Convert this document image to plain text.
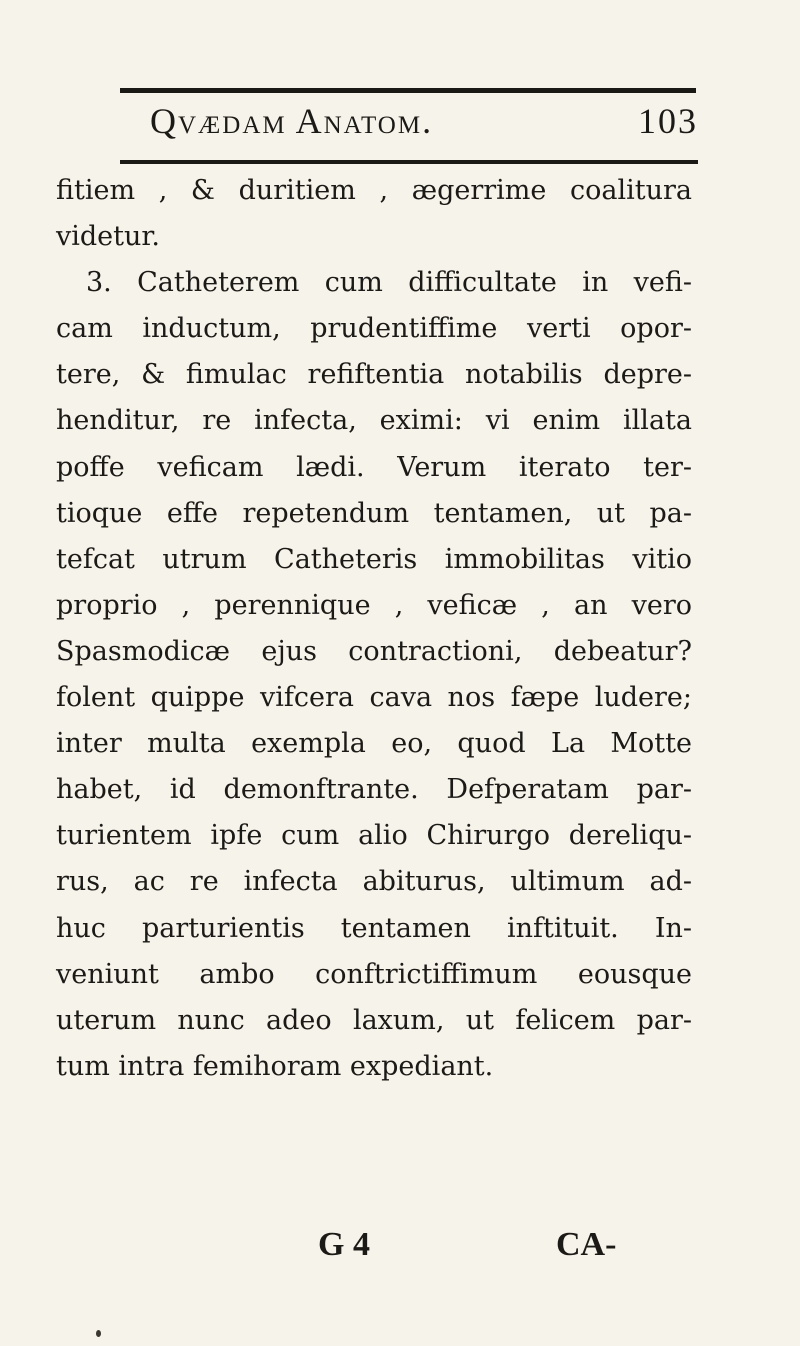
Qvædam Anatom.	103
fitiem , & duritiem , ægerrime coalitura
videtur.
3. Catheterem cum difficultate in vefi-
cam inductum, prudentiffime verti opor-
tere, & fimulac refiftentia notabilis depre-
henditur, re infecta, eximi: vi enim illata
poffe veficam lædi. Verum iterato ter-
tioque effe repetendum tentamen, ut pa-
tefcat utrum Catheteris immobilitas vitio
proprio , perennique , veficæ , an vero
Spasmodicæ ejus contractioni, debeatur?
folent quippe vifcera cava nos fæpe ludere;
inter multa exempla eo, quod La Motte
habet, id demonftrante. Defperatam par-
turientem ipfe cum alio Chirurgo dereliqu-
rus, ac re infecta abiturus, ultimum ad-
huc parturientis tentamen inftituit. In-
veniunt ambo conftrictiffimum eousque
uterum nunc adeo laxum, ut felicem par-
tum intra femihoram expediant.
G 4	CA-
